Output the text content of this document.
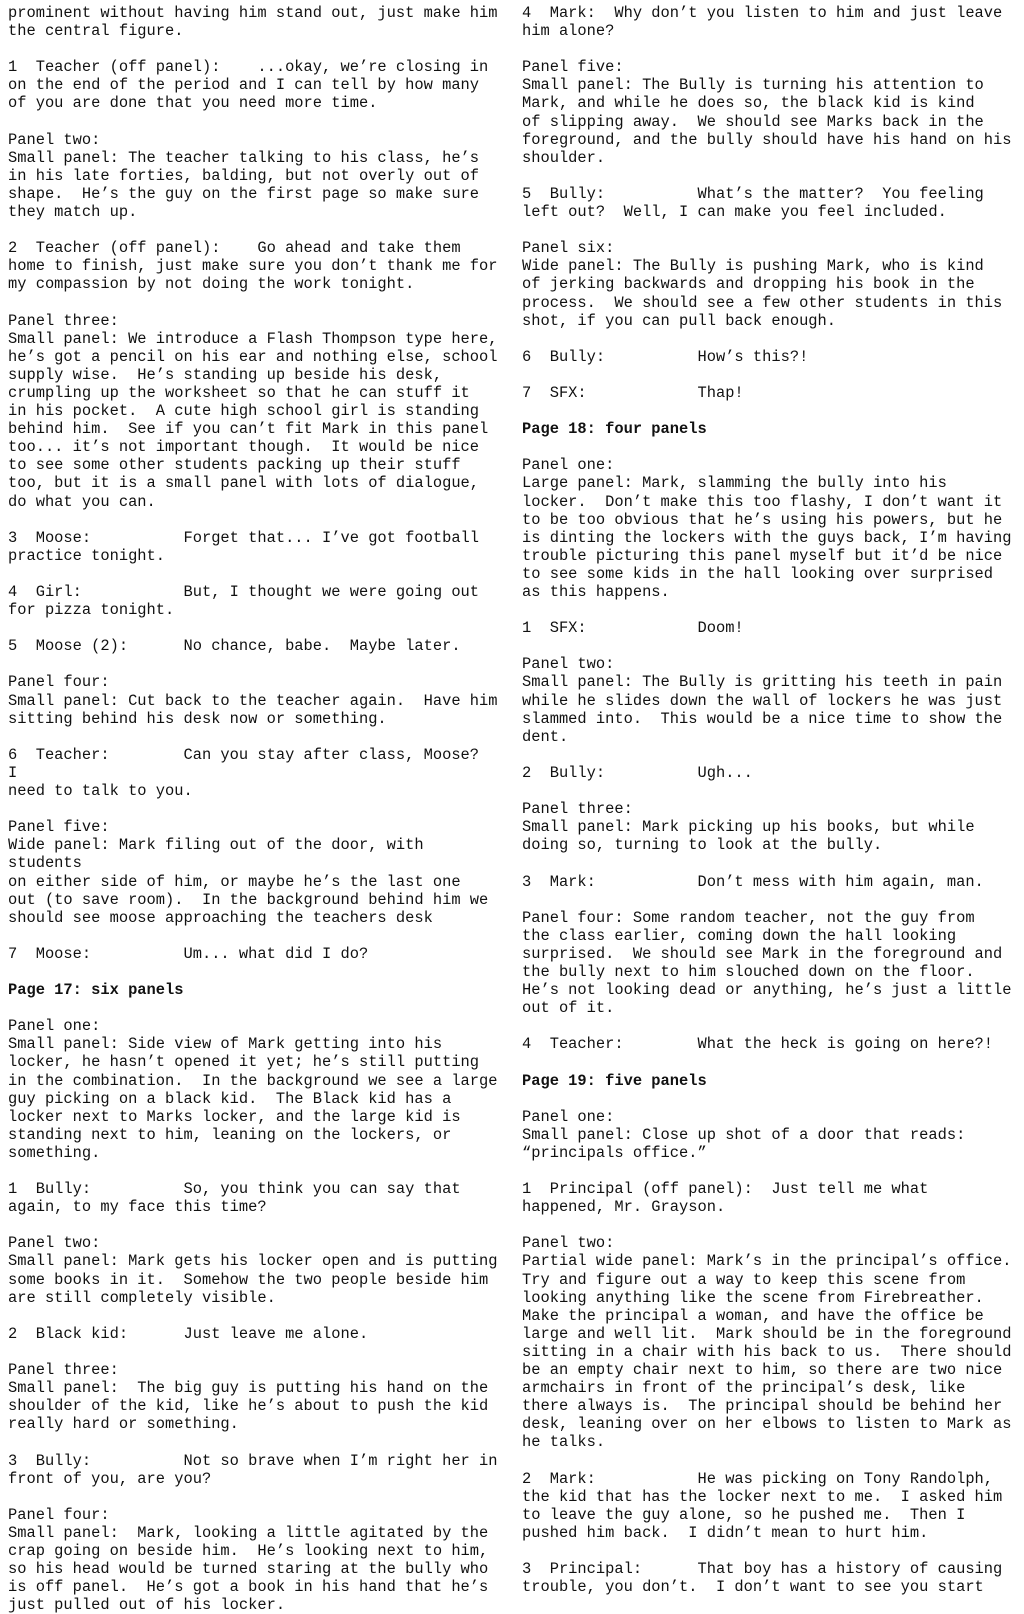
prominent without having him stand out, just make him
the central figure.
1  Teacher (off panel):    ...okay, we’re closing in
on the end of the period and I can tell by how many
of you are done that you need more time.
Panel two:
Small panel: The teacher talking to his class, he’s
in his late forties, balding, but not overly out of
shape.  He’s the guy on the first page so make sure
they match up.
2  Teacher (off panel):    Go ahead and take them
home to finish, just make sure you don’t thank me for
my compassion by not doing the work tonight.
Panel three:
Small panel: We introduce a Flash Thompson type here,
he’s got a pencil on his ear and nothing else, school
supply wise.  He’s standing up beside his desk,
crumpling up the worksheet so that he can stuff it
in his pocket.  A cute high school girl is standing
behind him.  See if you can’t fit Mark in this panel
too... it’s not important though.  It would be nice
to see some other students packing up their stuff
too, but it is a small panel with lots of dialogue,
do what you can.
3  Moose:          Forget that... I’ve got football
practice tonight.
4  Girl:           But, I thought we were going out
for pizza tonight.
5  Moose (2):      No chance, babe.  Maybe later.
Panel four:
Small panel: Cut back to the teacher again.  Have him
sitting behind his desk now or something.
6  Teacher:        Can you stay after class, Moose?  I
need to talk to you.
Panel five:
Wide panel: Mark filing out of the door, with students
on either side of him, or maybe he’s the last one
out (to save room).  In the background behind him we
should see moose approaching the teachers desk
7  Moose:          Um... what did I do?
Page 17: six panels
Panel one:
Small panel: Side view of Mark getting into his
locker, he hasn’t opened it yet; he’s still putting
in the combination.  In the background we see a large
guy picking on a black kid.  The Black kid has a
locker next to Marks locker, and the large kid is
standing next to him, leaning on the lockers, or
something.
1  Bully:          So, you think you can say that
again, to my face this time?
Panel two:
Small panel: Mark gets his locker open and is putting
some books in it.  Somehow the two people beside him
are still completely visible.
2  Black kid:      Just leave me alone.
Panel three:
Small panel:  The big guy is putting his hand on the
shoulder of the kid, like he’s about to push the kid
really hard or something.
3  Bully:          Not so brave when I’m right her in
front of you, are you?
Panel four:
Small panel:  Mark, looking a little agitated by the
crap going on beside him.  He’s looking next to him,
so his head would be turned staring at the bully who
is off panel.  He’s got a book in his hand that he’s
just pulled out of his locker.
4  Mark:  Why don’t you listen to him and just leave
him alone?
Panel five:
Small panel: The Bully is turning his attention to
Mark, and while he does so, the black kid is kind
of slipping away.  We should see Marks back in the
foreground, and the bully should have his hand on his
shoulder.
5  Bully:          What’s the matter?  You feeling
left out?  Well, I can make you feel included.
Panel six:
Wide panel: The Bully is pushing Mark, who is kind
of jerking backwards and dropping his book in the
process.  We should see a few other students in this
shot, if you can pull back enough.
6  Bully:          How’s this?!
7  SFX:            Thap!
Page 18: four panels
Panel one:
Large panel: Mark, slamming the bully into his
locker.  Don’t make this too flashy, I don’t want it
to be too obvious that he’s using his powers, but he
is dinting the lockers with the guys back, I’m having
trouble picturing this panel myself but it’d be nice
to see some kids in the hall looking over surprised
as this happens.
1  SFX:            Doom!
Panel two:
Small panel: The Bully is gritting his teeth in pain
while he slides down the wall of lockers he was just
slammed into.  This would be a nice time to show the
dent.
2  Bully:          Ugh...
Panel three:
Small panel: Mark picking up his books, but while
doing so, turning to look at the bully.
3  Mark:           Don’t mess with him again, man.
Panel four: Some random teacher, not the guy from
the class earlier, coming down the hall looking
surprised.  We should see Mark in the foreground and
the bully next to him slouched down on the floor.
He’s not looking dead or anything, he’s just a little
out of it.
4  Teacher:        What the heck is going on here?!
Page 19: five panels
Panel one:
Small panel: Close up shot of a door that reads:
“principals office.”
1  Principal (off panel):  Just tell me what
happened, Mr. Grayson.
Panel two:
Partial wide panel: Mark’s in the principal’s office.
Try and figure out a way to keep this scene from
looking anything like the scene from Firebreather.
Make the principal a woman, and have the office be
large and well lit.  Mark should be in the foreground
sitting in a chair with his back to us.  There should
be an empty chair next to him, so there are two nice
armchairs in front of the principal’s desk, like
there always is.  The principal should be behind her
desk, leaning over on her elbows to listen to Mark as
he talks.
2  Mark:           He was picking on Tony Randolph,
the kid that has the locker next to me.  I asked him
to leave the guy alone, so he pushed me.  Then I
pushed him back.  I didn’t mean to hurt him.
3  Principal:      That boy has a history of causing
trouble, you don’t.  I don’t want to see you start
